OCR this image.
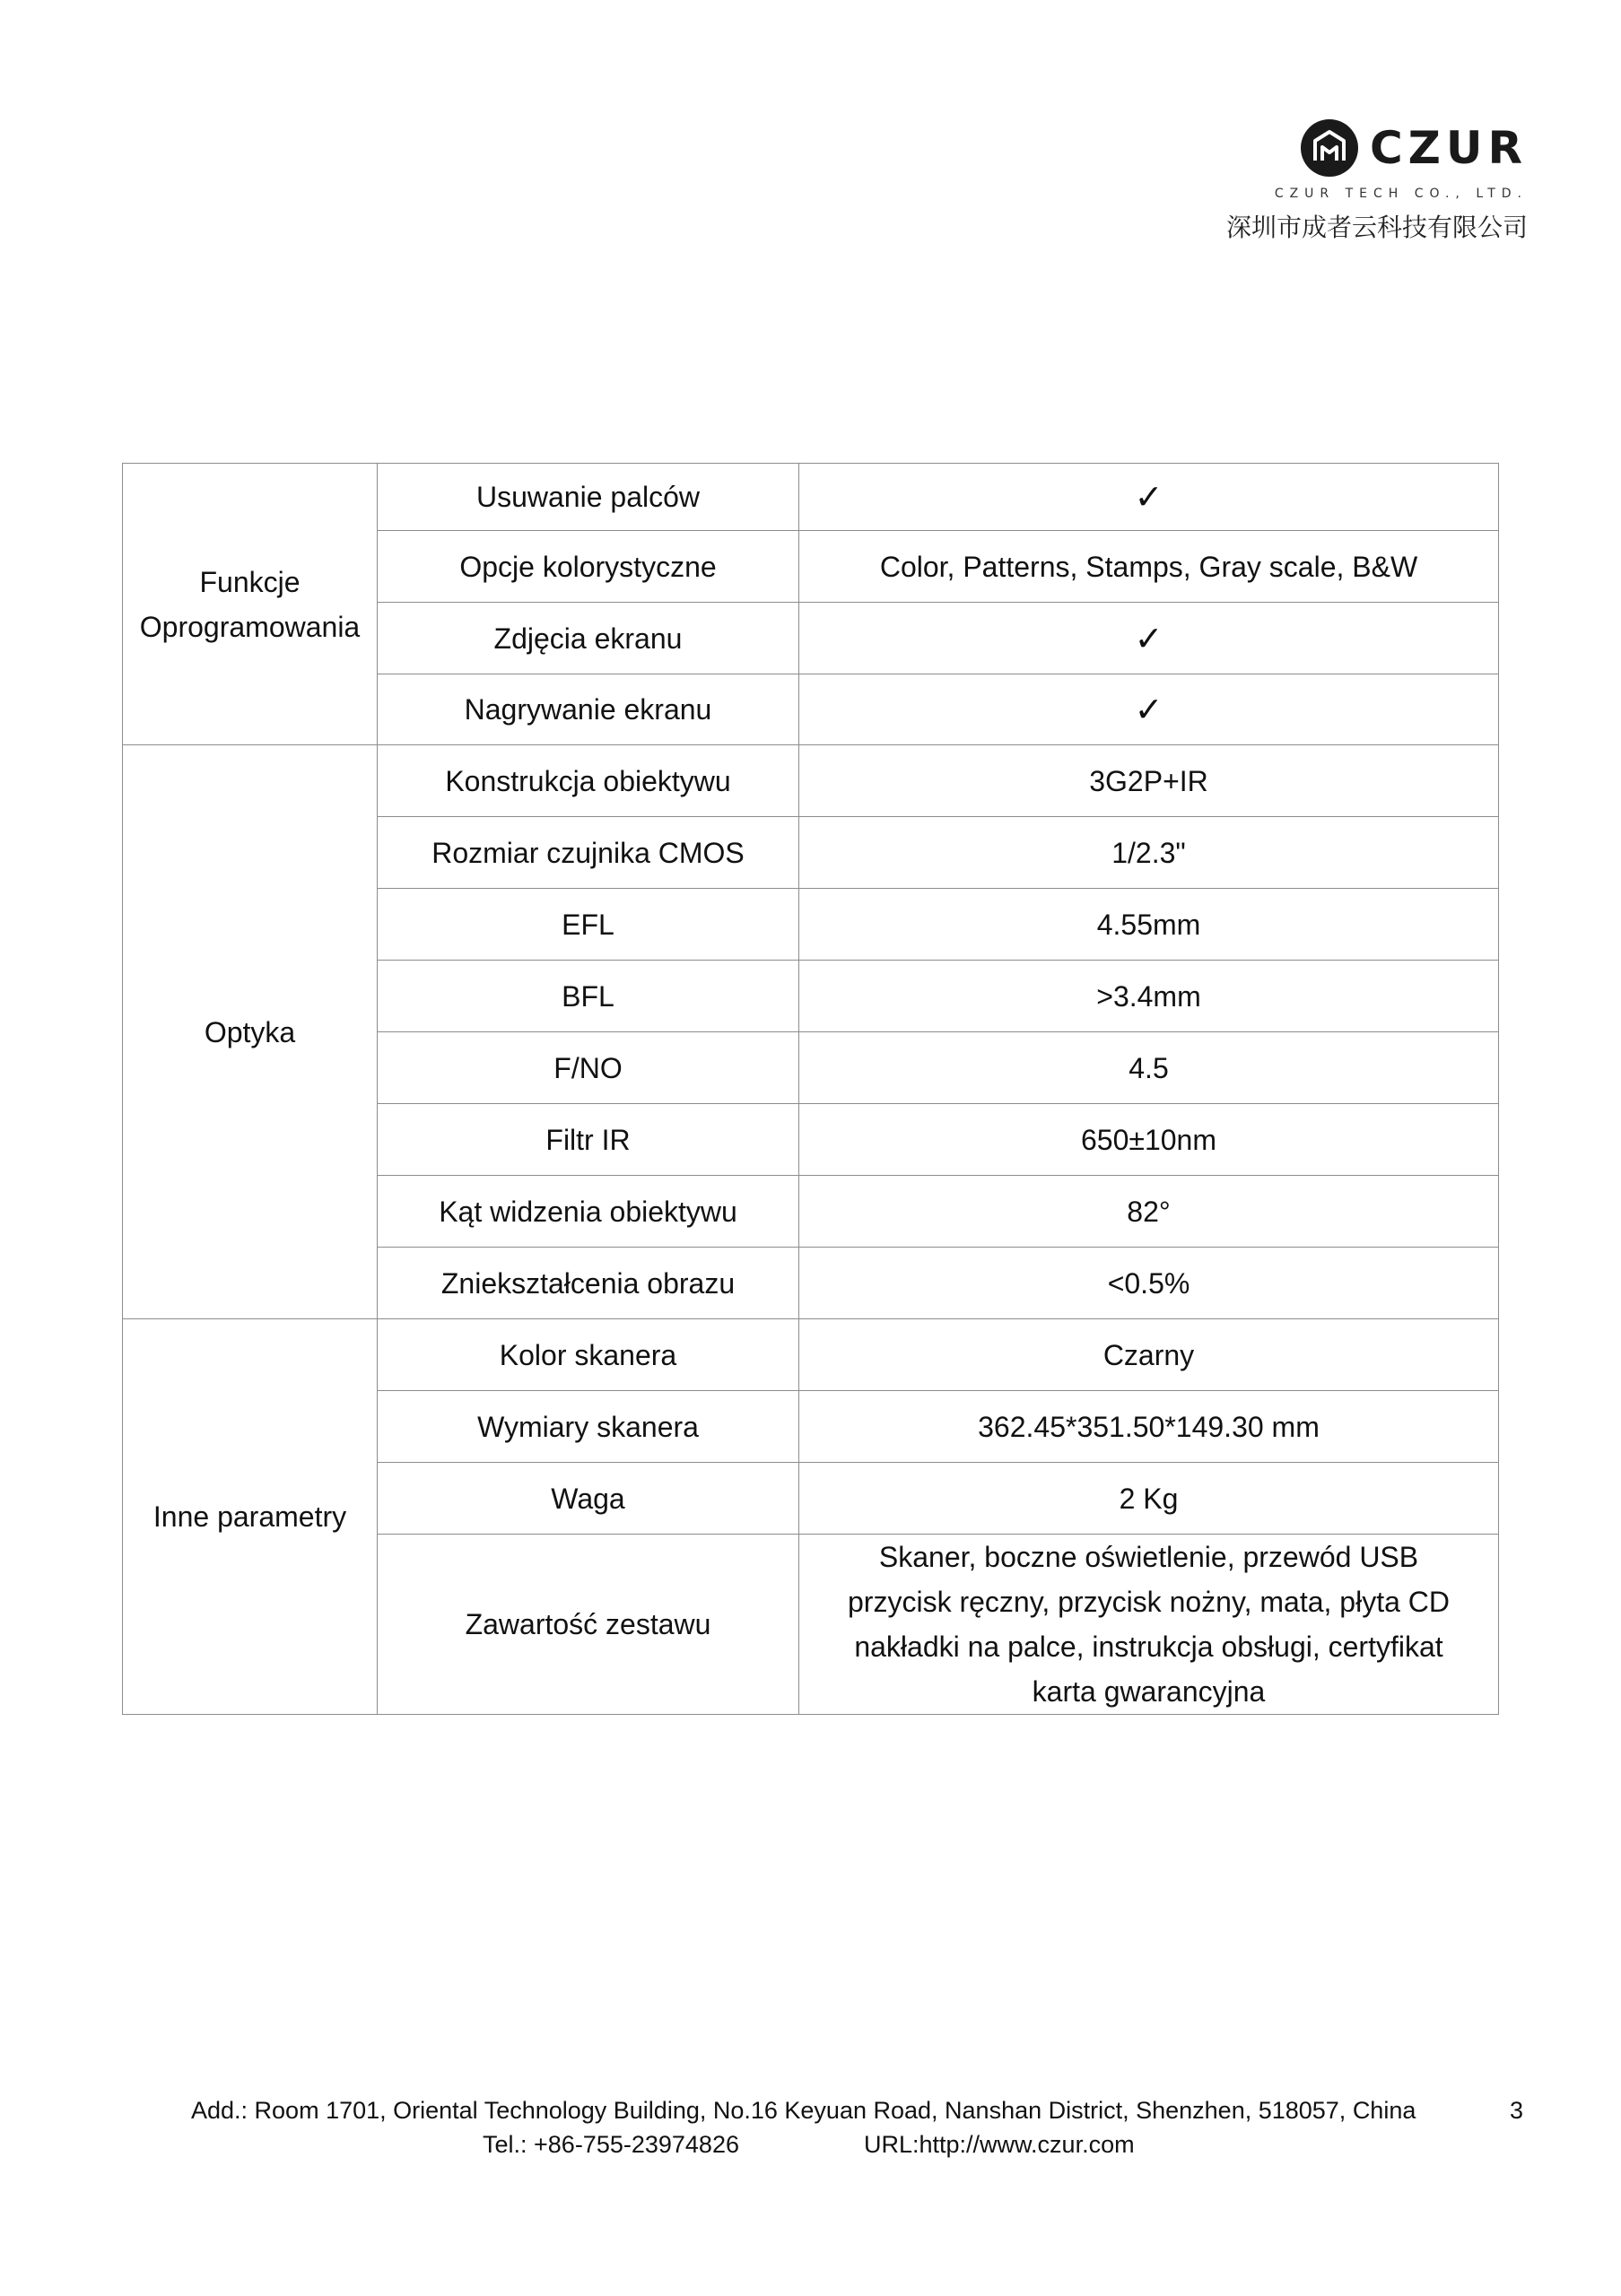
CZUR
CZUR TECH CO., LTD.
深圳市成者云科技有限公司
Funkcje Oprogramowania	Usuwanie palców	✓
	Opcje kolorystyczne	Color, Patterns, Stamps, Gray scale, B&W
	Zdjęcia ekranu	✓
	Nagrywanie ekranu	✓
Optyka	Konstrukcja obiektywu	3G2P+IR
	Rozmiar czujnika CMOS	1/2.3"
	EFL	4.55mm
	BFL	>3.4mm
	F/NO	4.5
	Filtr IR	650±10nm
	Kąt widzenia obiektywu	82°
	Zniekształcenia obrazu	<0.5%
Inne parametry	Kolor skanera	Czarny
	Wymiary skanera	362.45*351.50*149.30 mm
	Waga	2 Kg
	Zawartość zestawu	Skaner, boczne oświetlenie, przewód USB
przycisk ręczny, przycisk nożny, mata, płyta CD
nakładki na palce, instrukcja obsługi, certyfikat
karta gwarancyjna
Add.: Room 1701, Oriental Technology Building, No.16 Keyuan Road, Nanshan District, Shenzhen, 518057, China	3
Tel.: +86-755-23974826	URL:http://www.czur.com
